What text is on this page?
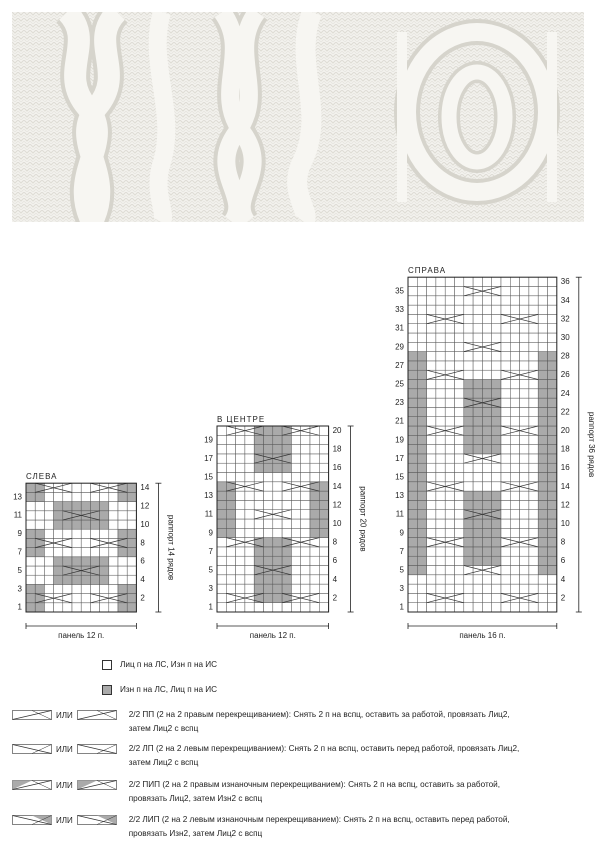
1
2
3
4
5
6
7
8
9
10
11
12
13
14
СЛЕВА
панель 12 п.
раппорт 14 рядов
1
2
3
4
5
6
7
8
9
10
11
12
13
14
15
16
17
18
19
20
В ЦЕНТРЕ
панель 12 п.
раппорт 20 рядов
1
2
3
4
5
6
7
8
9
10
11
12
13
14
15
16
17
18
19
20
21
22
23
24
25
26
27
28
29
30
31
32
33
34
35
36
СПРАВА
панель 16 п.
раппорт 36 рядов
Лиц п на ЛС, Изн п на ИС
Изн п на ЛС, Лиц п на ИС
ИЛИ	2/2 ПП (2 на 2 правым перекрещиванием): Снять 2 п на вспц, оставить за работой, провязать Лиц2,
затем Лиц2 с вспц
ИЛИ	2/2 ЛП (2 на 2 левым перекрещиванием): Снять 2 п на вспц, оставить перед работой, провязать Лиц2,
затем Лиц2 с вспц
ИЛИ	2/2 ПИП (2 на 2 правым изнаночным перекрещиванием): Снять 2 п на вспц, оставить за работой,
провязать Лиц2, затем Изн2 с вспц
ИЛИ	2/2 ЛИП (2 на 2 левым изнаночным перекрещиванием): Снять 2 п на вспц, оставить перед работой,
провязать Изн2, затем Лиц2 с вспц
